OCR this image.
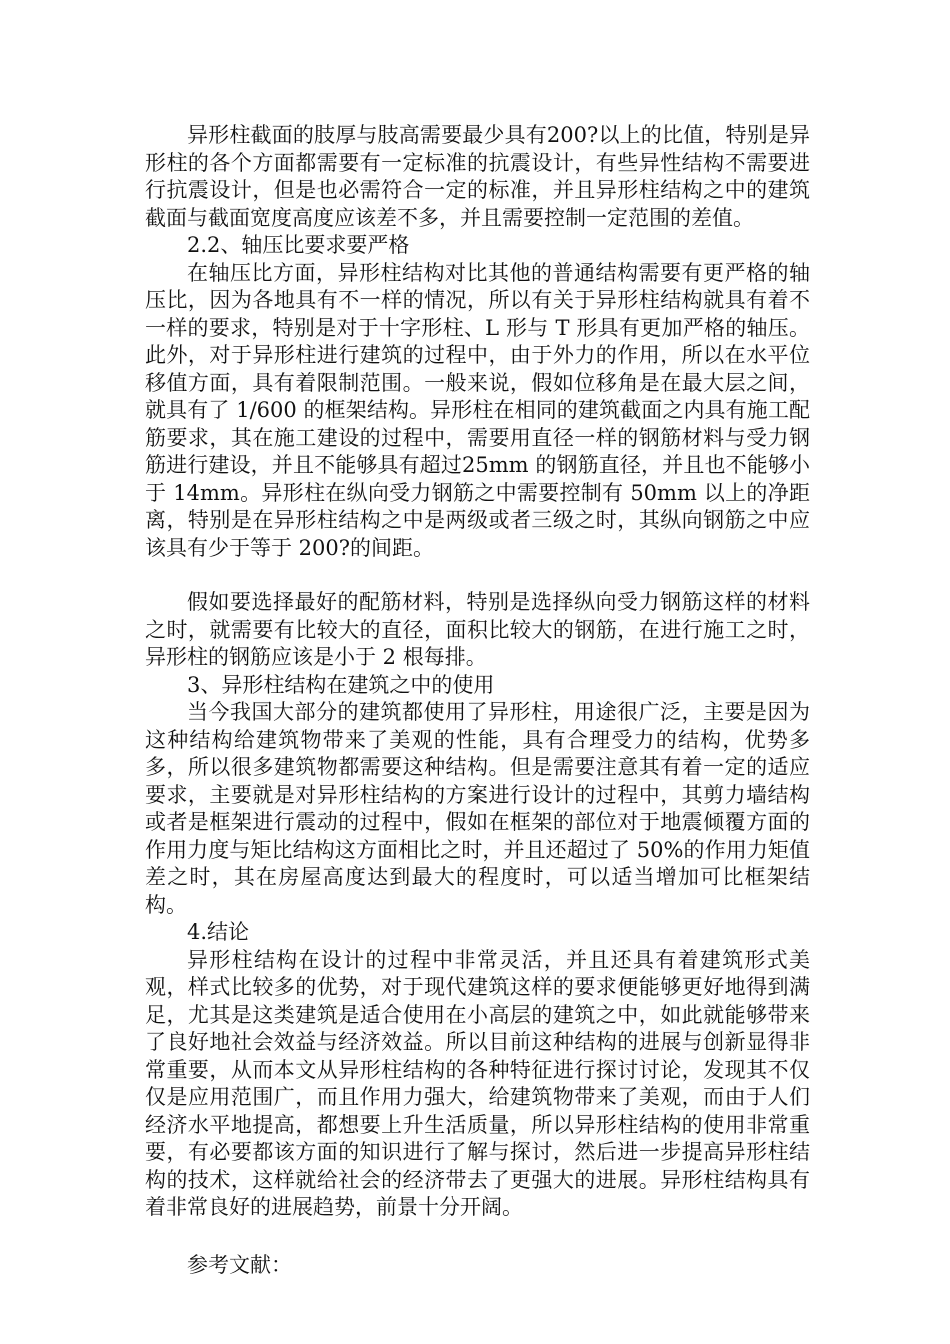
异形柱截面的肢厚与肢高需要最少具有200?以上的比值，特别是异形柱的各个方面都需要有一定标准的抗震设计，有些异性结构不需要进行抗震设计，但是也必需符合一定的标准，并且异形柱结构之中的建筑截面与截面宽度高度应该差不多，并且需要控制一定范围的差值。

2.2、轴压比要求要严格

在轴压比方面，异形柱结构对比其他的普通结构需要有更严格的轴压比，因为各地具有不一样的情况，所以有关于异形柱结构就具有着不一样的要求，特别是对于十字形柱、L 形与 T 形具有更加严格的轴压。此外，对于异形柱进行建筑的过程中，由于外力的作用，所以在水平位移值方面，具有着限制范围。一般来说，假如位移角是在最大层之间，就具有了 1/600 的框架结构。异形柱在相同的建筑截面之内具有施工配筋要求，其在施工建设的过程中，需要用直径一样的钢筋材料与受力钢筋进行建设，并且不能够具有超过25mm 的钢筋直径，并且也不能够小于 14mm。异形柱在纵向受力钢筋之中需要控制有 50mm 以上的净距离，特别是在异形柱结构之中是两级或者三级之时，其纵向钢筋之中应该具有少于等于 200?的间距。

假如要选择最好的配筋材料，特别是选择纵向受力钢筋这样的材料之时，就需要有比较大的直径，面积比较大的钢筋，在进行施工之时，异形柱的钢筋应该是小于 2 根每排。

3、异形柱结构在建筑之中的使用

当今我国大部分的建筑都使用了异形柱，用途很广泛，主要是因为这种结构给建筑物带来了美观的性能，具有合理受力的结构，优势多多，所以很多建筑物都需要这种结构。但是需要注意其有着一定的适应要求，主要就是对异形柱结构的方案进行设计的过程中，其剪力墙结构或者是框架进行震动的过程中，假如在框架的部位对于地震倾覆方面的作用力度与矩比结构这方面相比之时，并且还超过了 50%的作用力矩值差之时，其在房屋高度达到最大的程度时，可以适当增加可比框架结构。

4.结论

异形柱结构在设计的过程中非常灵活，并且还具有着建筑形式美观，样式比较多的优势，对于现代建筑这样的要求便能够更好地得到满足，尤其是这类建筑是适合使用在小高层的建筑之中，如此就能够带来了良好地社会效益与经济效益。所以目前这种结构的进展与创新显得非常重要，从而本文从异形柱结构的各种特征进行探讨讨论，发现其不仅仅是应用范围广，而且作用力强大，给建筑物带来了美观，而由于人们经济水平地提高，都想要上升生活质量，所以异形柱结构的使用非常重要，有必要都该方面的知识进行了解与探讨，然后进一步提高异形柱结构的技术，这样就给社会的经济带去了更强大的进展。异形柱结构具有着非常良好的进展趋势，前景十分开阔。

参考文献：
